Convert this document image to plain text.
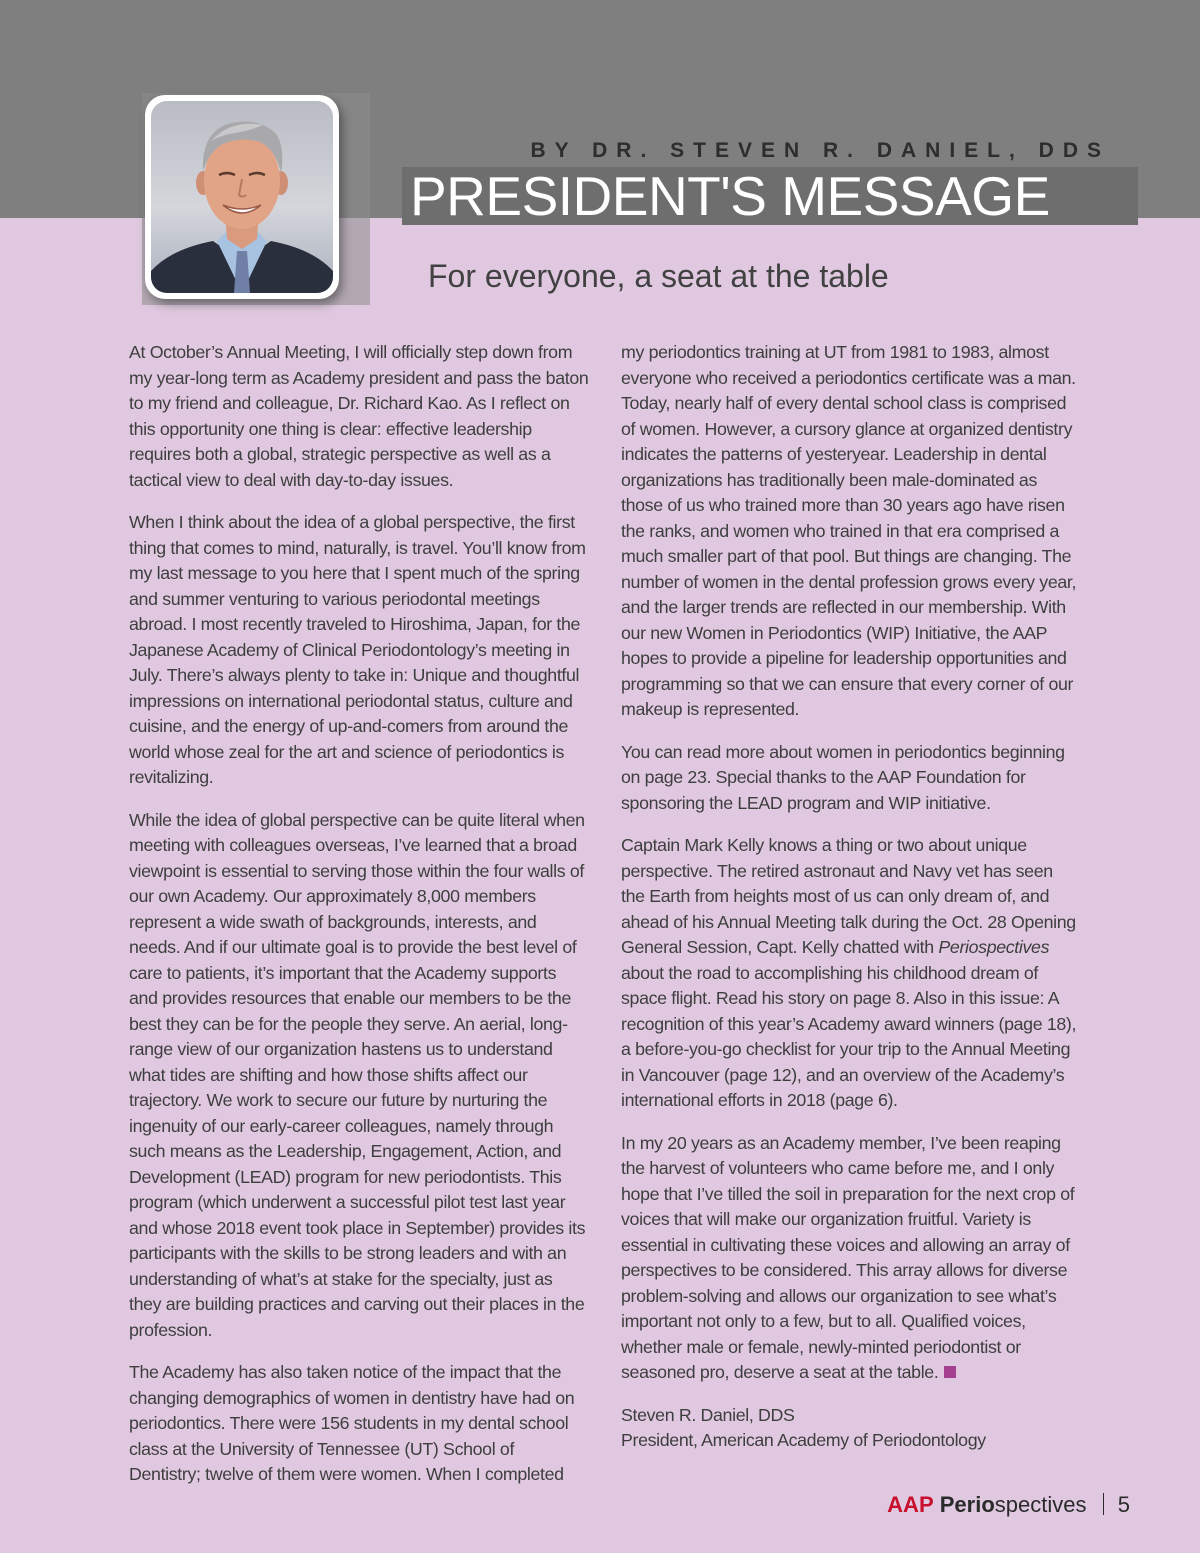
BY DR. STEVEN R. DANIEL, DDS
PRESIDENT'S MESSAGE
For everyone, a seat at the table

At October’s Annual Meeting, I will officially step down from my year-long term as Academy president and pass the baton to my friend and colleague, Dr. Richard Kao. As I reflect on this opportunity one thing is clear: effective leadership requires both a global, strategic perspective as well as a tactical view to deal with day-to-day issues.

When I think about the idea of a global perspective, the first thing that comes to mind, naturally, is travel. You’ll know from my last message to you here that I spent much of the spring and summer venturing to various periodontal meetings abroad. I most recently traveled to Hiroshima, Japan, for the Japanese Academy of Clinical Periodontology’s meeting in July. There’s always plenty to take in: Unique and thoughtful impressions on international periodontal status, culture and cuisine, and the energy of up-and-comers from around the world whose zeal for the art and science of periodontics is revitalizing.

While the idea of global perspective can be quite literal when meeting with colleagues overseas, I’ve learned that a broad viewpoint is essential to serving those within the four walls of our own Academy. Our approximately 8,000 members represent a wide swath of backgrounds, interests, and needs. And if our ultimate goal is to provide the best level of care to patients, it’s important that the Academy supports and provides resources that enable our members to be the best they can be for the people they serve. An aerial, long-range view of our organization hastens us to understand what tides are shifting and how those shifts affect our trajectory. We work to secure our future by nurturing the ingenuity of our early-career colleagues, namely through such means as the Leadership, Engagement, Action, and Development (LEAD) program for new periodontists. This program (which underwent a successful pilot test last year and whose 2018 event took place in September) provides its participants with the skills to be strong leaders and with an understanding of what’s at stake for the specialty, just as they are building practices and carving out their places in the profession.

The Academy has also taken notice of the impact that the changing demographics of women in dentistry have had on periodontics. There were 156 students in my dental school class at the University of Tennessee (UT) School of Dentistry; twelve of them were women. When I completed

my periodontics training at UT from 1981 to 1983, almost everyone who received a periodontics certificate was a man. Today, nearly half of every dental school class is comprised of women. However, a cursory glance at organized dentistry indicates the patterns of yesteryear. Leadership in dental organizations has traditionally been male-dominated as those of us who trained more than 30 years ago have risen the ranks, and women who trained in that era comprised a much smaller part of that pool. But things are changing. The number of women in the dental profession grows every year, and the larger trends are reflected in our membership. With our new Women in Periodontics (WIP) Initiative, the AAP hopes to provide a pipeline for leadership opportunities and programming so that we can ensure that every corner of our makeup is represented.

You can read more about women in periodontics beginning on page 23. Special thanks to the AAP Foundation for sponsoring the LEAD program and WIP initiative.

Captain Mark Kelly knows a thing or two about unique perspective. The retired astronaut and Navy vet has seen the Earth from heights most of us can only dream of, and ahead of his Annual Meeting talk during the Oct. 28 Opening General Session, Capt. Kelly chatted with Periospectives about the road to accomplishing his childhood dream of space flight. Read his story on page 8. Also in this issue: A recognition of this year’s Academy award winners (page 18), a before-you-go checklist for your trip to the Annual Meeting in Vancouver (page 12), and an overview of the Academy’s international efforts in 2018 (page 6).

In my 20 years as an Academy member, I’ve been reaping the harvest of volunteers who came before me, and I only hope that I’ve tilled the soil in preparation for the next crop of voices that will make our organization fruitful. Variety is essential in cultivating these voices and allowing an array of perspectives to be considered. This array allows for diverse problem-solving and allows our organization to see what’s important not only to a few, but to all. Qualified voices, whether male or female, newly-minted periodontist or seasoned pro, deserve a seat at the table.

Steven R. Daniel, DDS
President, American Academy of Periodontology
AAP Periospectives 5
